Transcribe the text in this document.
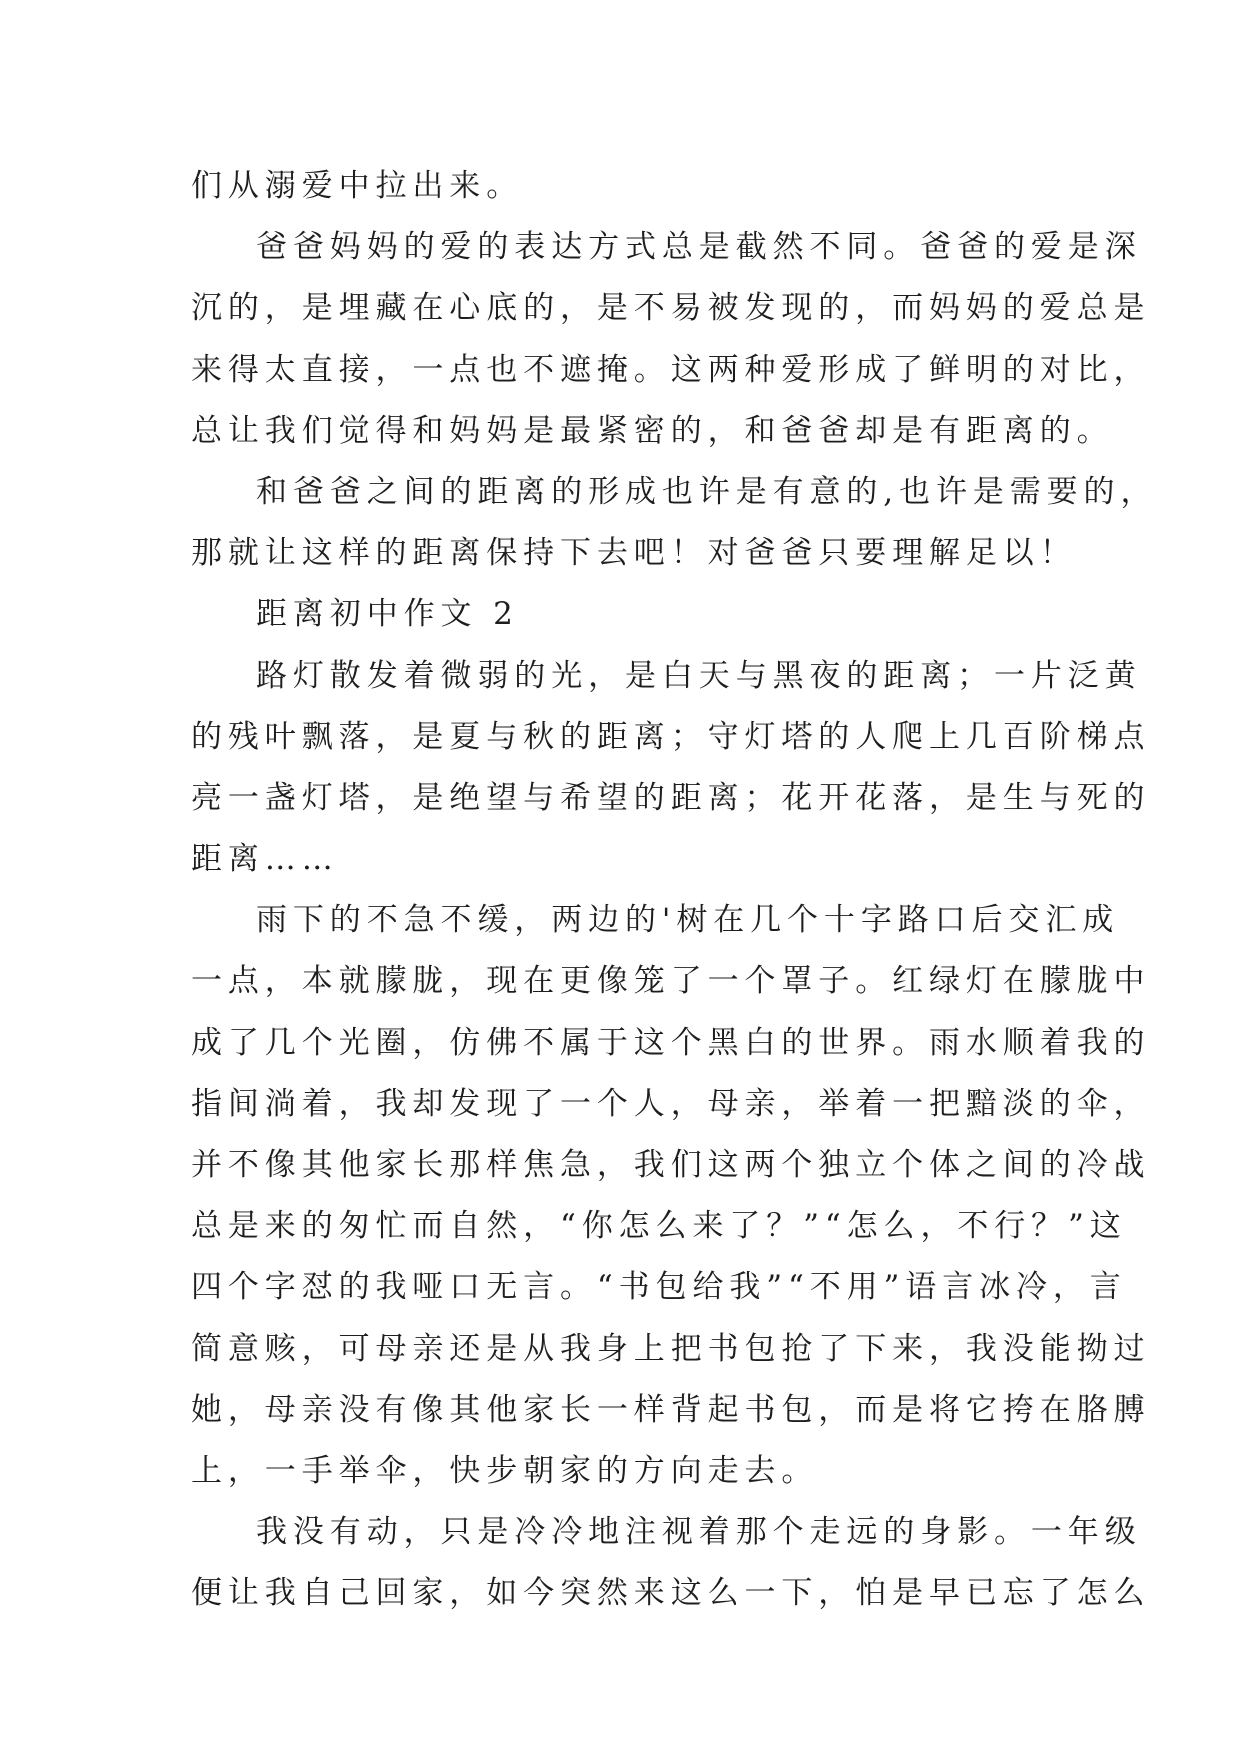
们从溺爱中拉出来。
爸爸妈妈的爱的表达方式总是截然不同。爸爸的爱是深
沉的，是埋藏在心底的，是不易被发现的，而妈妈的爱总是
来得太直接，一点也不遮掩。这两种爱形成了鲜明的对比，
总让我们觉得和妈妈是最紧密的，和爸爸却是有距离的。
和爸爸之间的距离的形成也许是有意的,也许是需要的，
那就让这样的距离保持下去吧！对爸爸只要理解足以！
距离初中作文 2
路灯散发着微弱的光，是白天与黑夜的距离；一片泛黄
的残叶飘落，是夏与秋的距离；守灯塔的人爬上几百阶梯点
亮一盏灯塔，是绝望与希望的距离；花开花落，是生与死的
距离……
雨下的不急不缓，两边的'树在几个十字路口后交汇成
一点，本就朦胧，现在更像笼了一个罩子。红绿灯在朦胧中
成了几个光圈，仿佛不属于这个黑白的世界。雨水顺着我的
指间淌着，我却发现了一个人，母亲，举着一把黯淡的伞，
并不像其他家长那样焦急，我们这两个独立个体之间的冷战
总是来的匆忙而自然，“你怎么来了？”“怎么，不行？”这
四个字怼的我哑口无言。“书包给我”“不用”语言冰冷，言
简意赅，可母亲还是从我身上把书包抢了下来，我没能拗过
她，母亲没有像其他家长一样背起书包，而是将它挎在胳膊
上，一手举伞，快步朝家的方向走去。
我没有动，只是冷冷地注视着那个走远的身影。一年级
便让我自己回家，如今突然来这么一下，怕是早已忘了怎么
